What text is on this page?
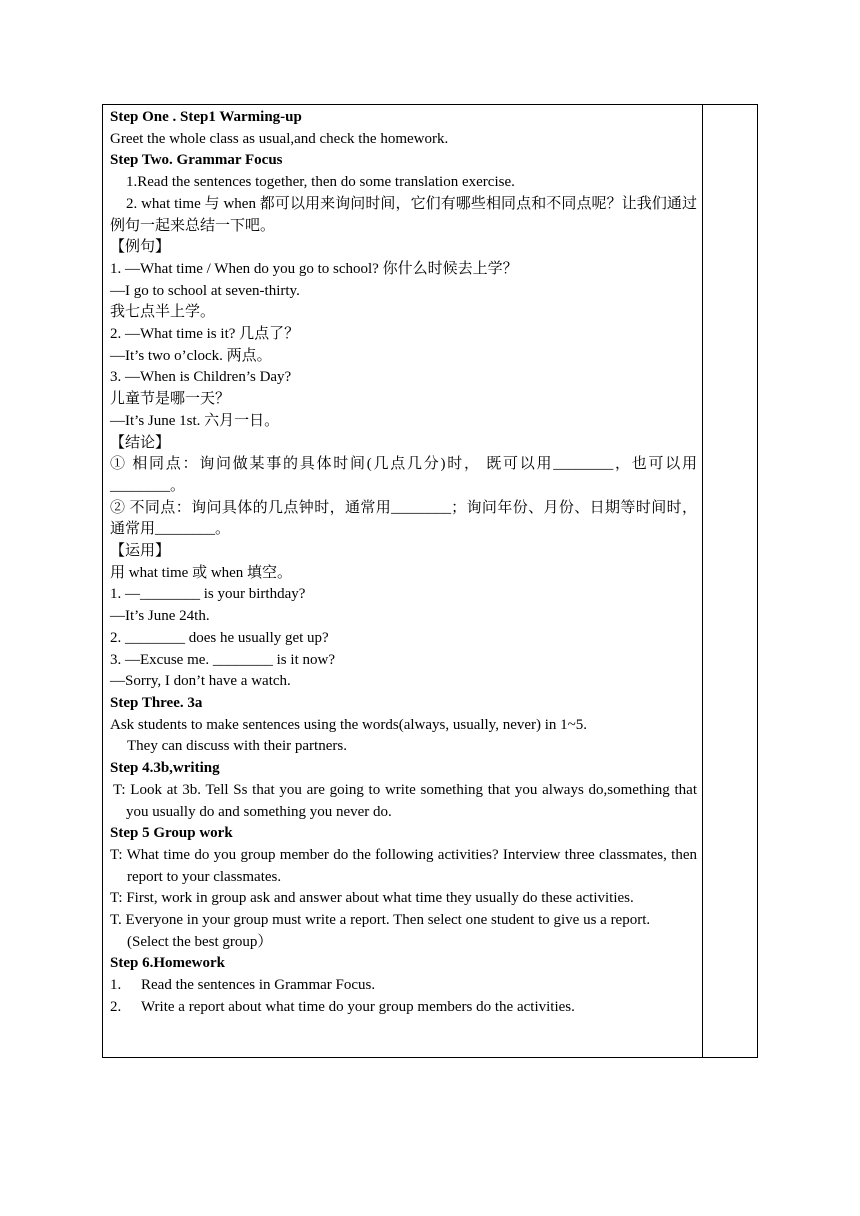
Step One . Step1 Warming-up

Greet the whole class as usual,and check the homework.

Step Two. Grammar Focus

1.Read the sentences together, then do some translation exercise.

2. what time 与 when 都可以用来询问时间，它们有哪些相同点和不同点呢？让我们通过例句一起来总结一下吧。

【例句】

1. —What time / When do you go to school? 你什么时候去上学？

—I go to school at seven-thirty.

我七点半上学。

2. —What time is it? 几点了？

—It’s two o’clock. 两点。

3. —When is Children’s Day?

儿童节是哪一天？

—It’s June 1st. 六月一日。

【结论】

① 相同点：询问做某事的具体时间(几点几分)时， 既可以用________，也可以用________。

② 不同点：询问具体的几点钟时，通常用________；询问年份、月份、日期等时间时，通常用________。

【运用】

用 what time 或 when 填空。

1. —________ is your birthday?

—It’s June 24th.

2. ________ does he usually get up?

3. —Excuse me. ________ is it now?

—Sorry, I don’t have a watch.

Step Three. 3a

Ask students to make sentences using the words(always, usually, never) in 1~5.

They can discuss with their partners.

Step 4.3b,writing

T: Look at 3b. Tell Ss that you are going to write something that you always do,something that you usually do and something you never do.

Step 5 Group work

T: What time do you group member do the following activities? Interview three classmates, then report to your classmates.

T: First, work in group ask and answer about what time they usually do these activities.

T. Everyone in your group must write a report. Then select one student to give us a report.

(Select the best group）

Step 6.Homework

1. Read the sentences in Grammar Focus.

2. Write a report about what time do your group members do the activities.
